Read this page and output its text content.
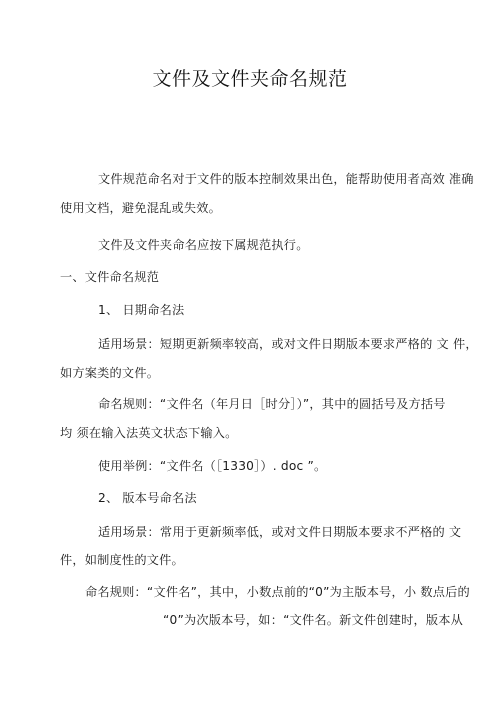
文件及文件夹命名规范
文件规范命名对于文件的版本控制效果出色，能帮助使用者高效 准确
使用文档，避免混乱或失效。
文件及文件夹命名应按下属规范执行。
一、文件命名规范
1、 日期命名法
适用场景：短期更新频率较高，或对文件日期版本要求严格的 文 件，
如方案类的文件。
命名规则：“文件名（年月日［时分］）”，其中的圆括号及方括号
均 须在输入法英文状态下输入。
使用举例：“文件名（［1330］）. doc ”。
2、 版本号命名法
适用场景：常用于更新频率低，或对文件日期版本要求不严格的 文
件，如制度性的文件。
命名规则：“文件名”，其中，小数点前的“0”为主版本号，小 数点后的
“0”为次版本号，如：“文件名。新文件创建时，版本从
